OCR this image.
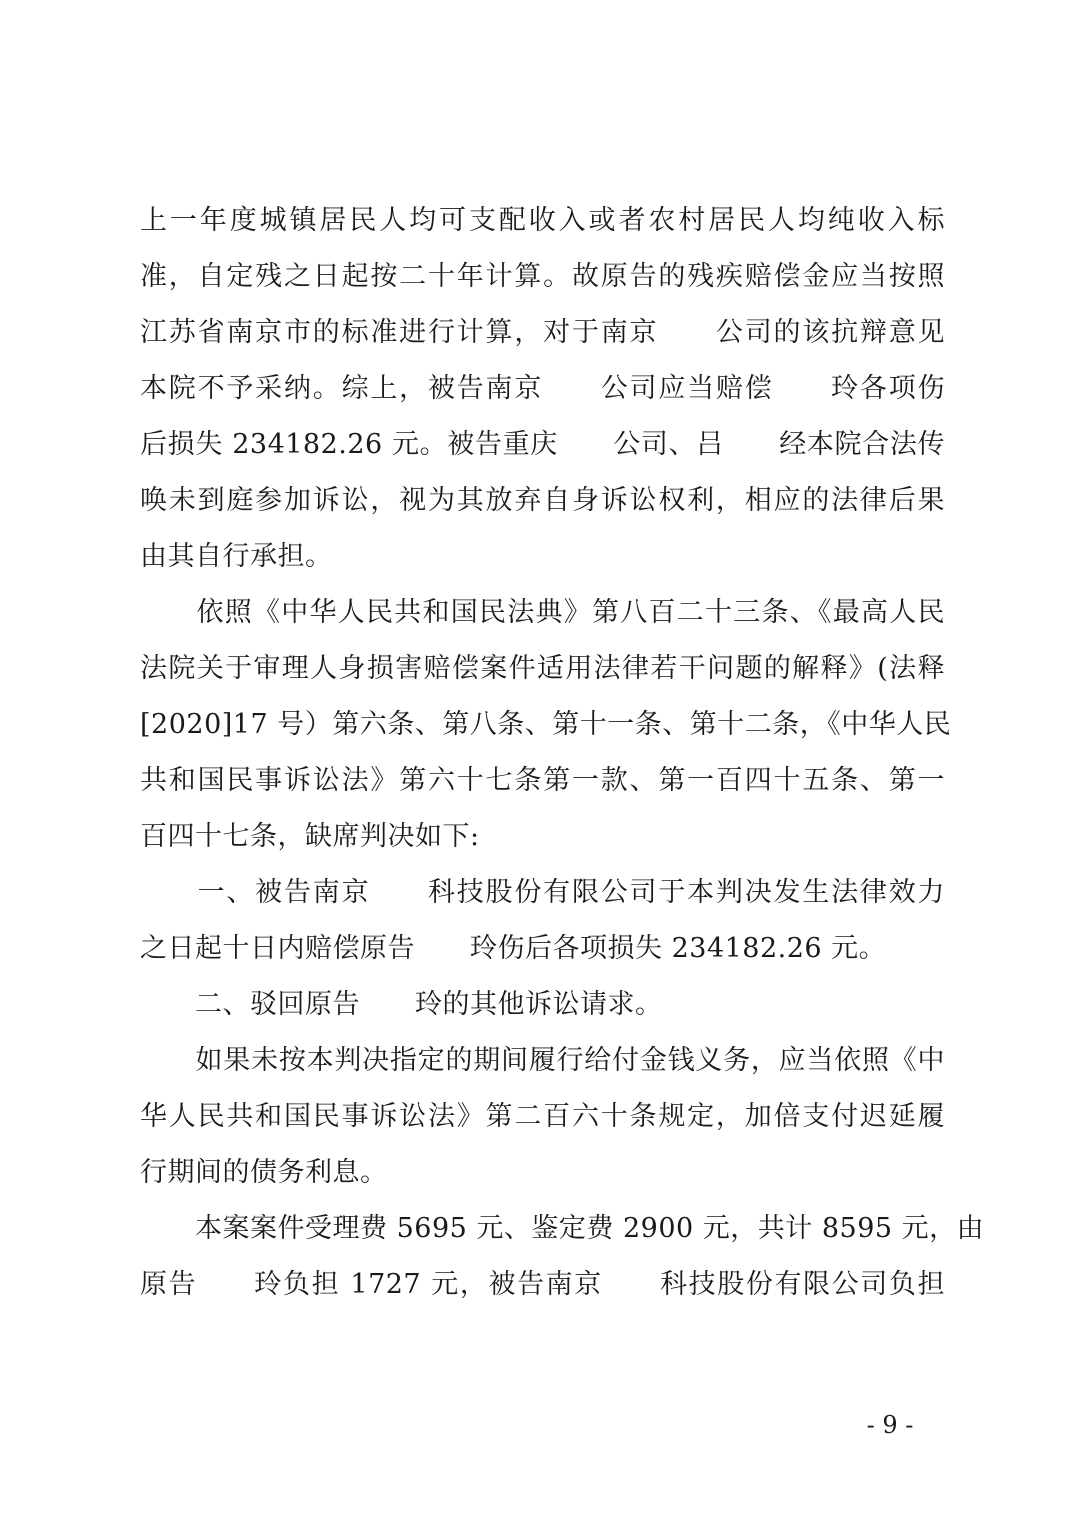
上一年度城镇居民人均可支配收入或者农村居民人均纯收入标
准，自定残之日起按二十年计算。故原告的残疾赔偿金应当按照
江苏省南京市的标准进行计算，对于南京　　公司的该抗辩意见
本院不予采纳。综上，被告南京　　公司应当赔偿　　玲各项伤
后损失 234182.26 元。被告重庆　　公司、吕　　经本院合法传
唤未到庭参加诉讼，视为其放弃自身诉讼权利，相应的法律后果
由其自行承担。
　　依照《中华人民共和国民法典》第八百二十三条、《最高人民
法院关于审理人身损害赔偿案件适用法律若干问题的解释》(法释
[2020]17 号）第六条、第八条、第十一条、第十二条，《中华人民
共和国民事诉讼法》第六十七条第一款、第一百四十五条、第一
百四十七条，缺席判决如下:
　　一、被告南京　　科技股份有限公司于本判决发生法律效力
之日起十日内赔偿原告　　玲伤后各项损失 234182.26 元。
　　二、驳回原告　　玲的其他诉讼请求。
　　如果未按本判决指定的期间履行给付金钱义务，应当依照《中
华人民共和国民事诉讼法》第二百六十条规定，加倍支付迟延履
行期间的债务利息。
　　本案案件受理费 5695 元、鉴定费 2900 元，共计 8595 元，由
原告　　玲负担 1727 元，被告南京　　科技股份有限公司负担
- 9 -
